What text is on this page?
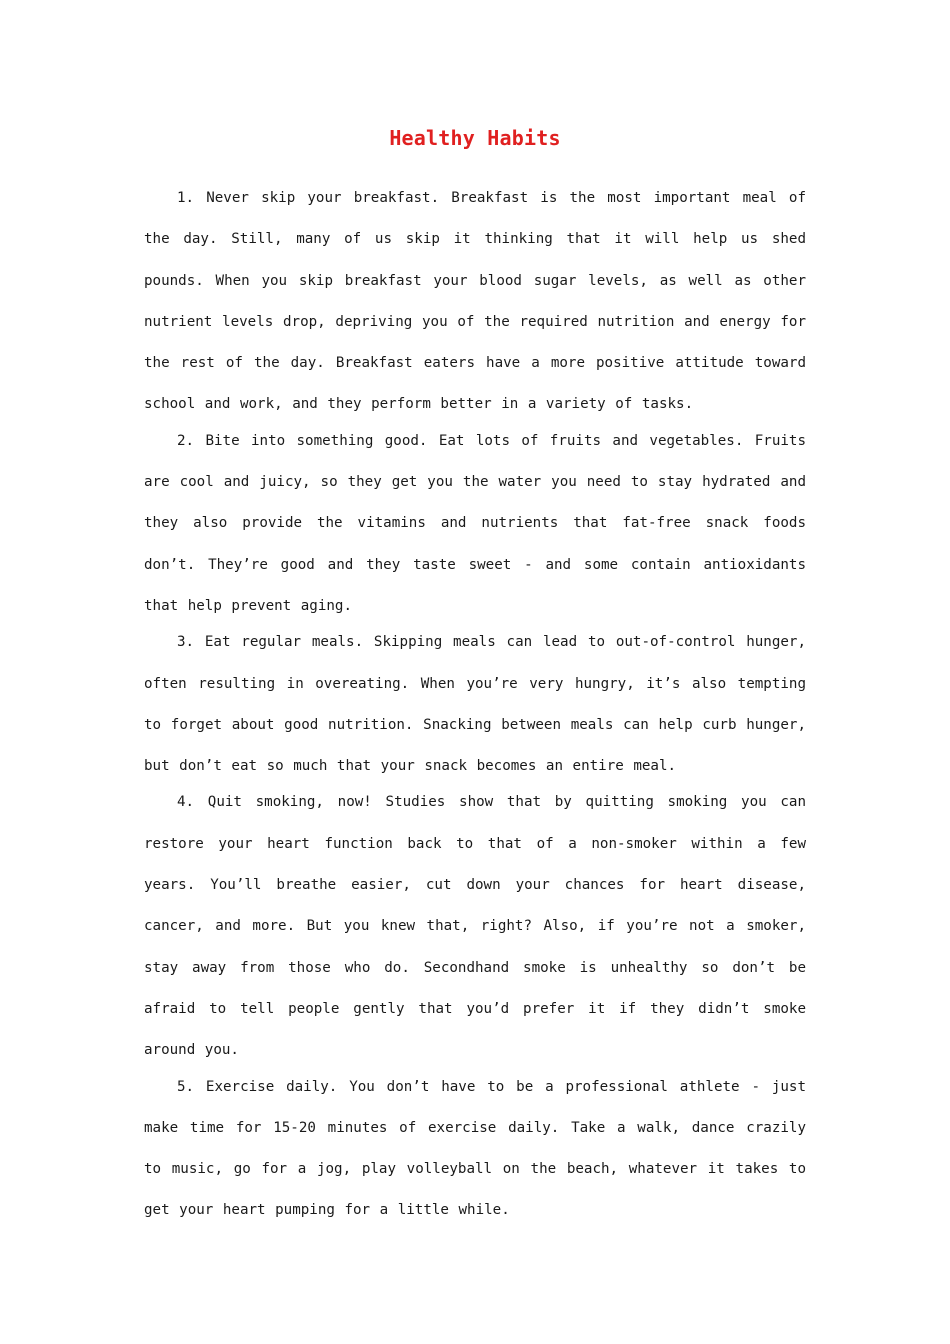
Healthy Habits

1. Never skip your breakfast. Breakfast is the most important meal of the day. Still, many of us skip it thinking that it will help us shed pounds. When you skip breakfast your blood sugar levels, as well as other nutrient levels drop, depriving you of the required nutrition and energy for the rest of the day. Breakfast eaters have a more positive attitude toward school and work, and they perform better in a variety of tasks.

2. Bite into something good. Eat lots of fruits and vegetables. Fruits are cool and juicy, so they get you the water you need to stay hydrated and they also provide the vitamins and nutrients that fat-free snack foods don’t. They’re good and they taste sweet - and some contain antioxidants that help prevent aging.

3. Eat regular meals. Skipping meals can lead to out-of-control hunger, often resulting in overeating. When you’re very hungry, it’s also tempting to forget about good nutrition. Snacking between meals can help curb hunger, but don’t eat so much that your snack becomes an entire meal.

4. Quit smoking, now! Studies show that by quitting smoking you can restore your heart function back to that of a non-smoker within a few years. You’ll breathe easier, cut down your chances for heart disease, cancer, and more. But you knew that, right? Also, if you’re not a smoker, stay away from those who do. Secondhand smoke is unhealthy so don’t be afraid to tell people gently that you’d prefer it if they didn’t smoke around you.

5. Exercise daily. You don’t have to be a professional athlete - just make time for 15-20 minutes of exercise daily. Take a walk, dance crazily to music, go for a jog, play volleyball on the beach, whatever it takes to get your heart pumping for a little while.
